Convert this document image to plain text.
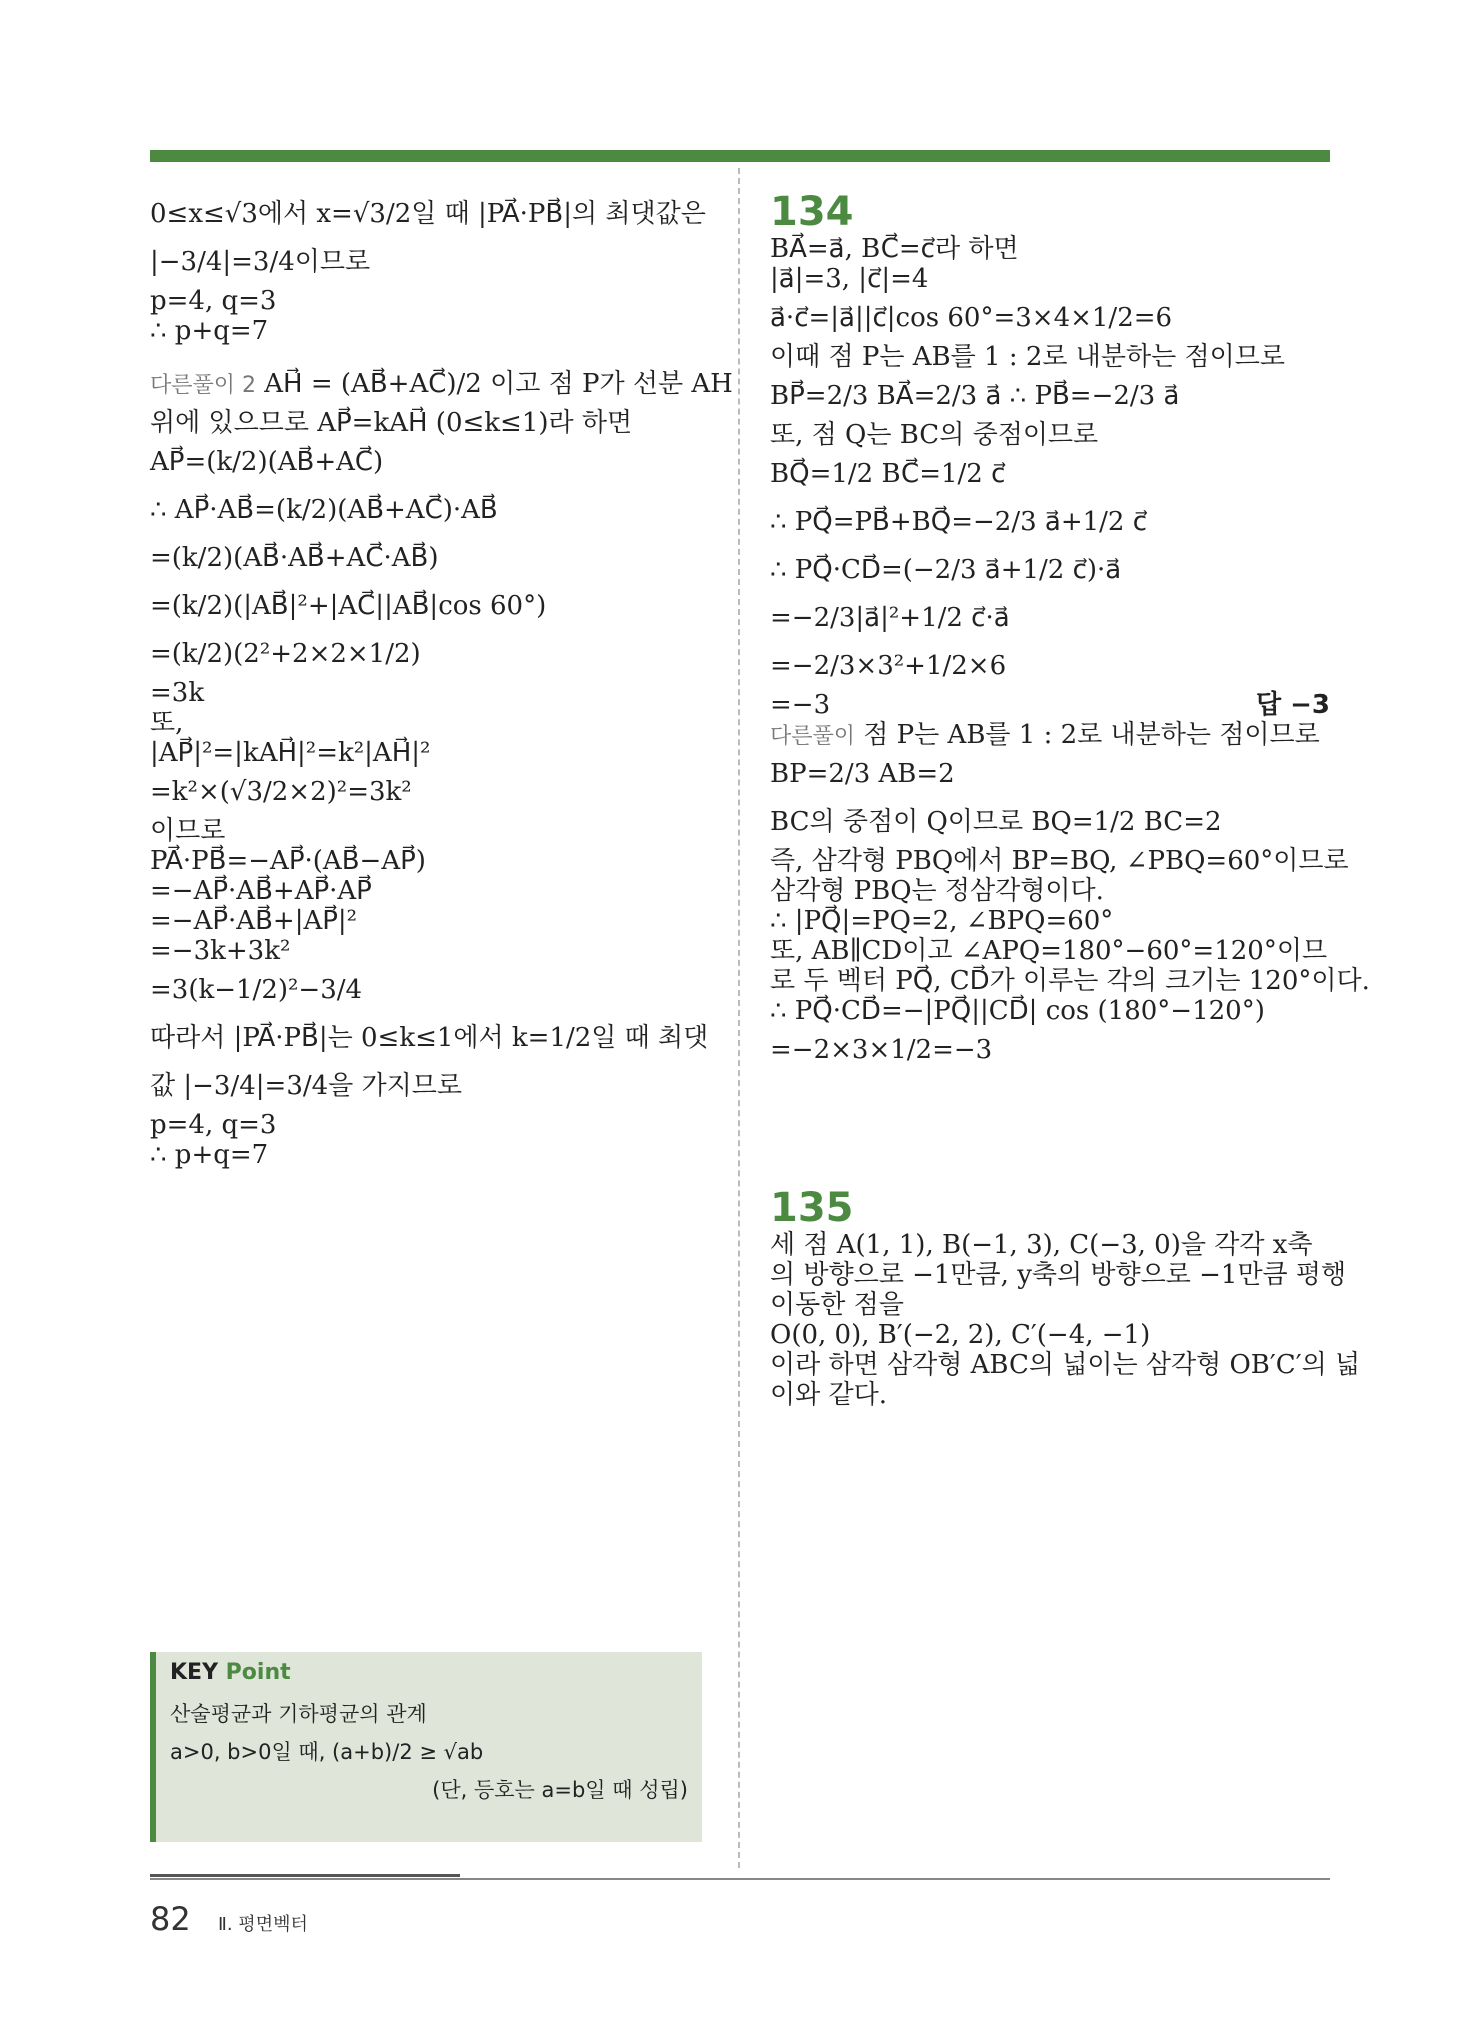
0≤x≤√3에서 x=√3/2일 때 |PA⃗·PB⃗|의 최댓값은
|−3/4|=3/4이므로
p=4, q=3
∴ p+q=7
다른풀이 2 AH⃗ = (AB⃗+AC⃗)/2 이고 점 P가 선분 AH
위에 있으므로 AP⃗=kAH⃗ (0≤k≤1)라 하면
AP⃗=(k/2)(AB⃗+AC⃗)
∴ AP⃗·AB⃗=(k/2)(AB⃗+AC⃗)·AB⃗
=(k/2)(AB⃗·AB⃗+AC⃗·AB⃗)
=(k/2)(|AB⃗|²+|AC⃗||AB⃗|cos 60°)
=(k/2)(2²+2×2×1/2)
=3k
또,
|AP⃗|²=|kAH⃗|²=k²|AH⃗|²
=k²×(√3/2×2)²=3k²
이므로
PA⃗·PB⃗=−AP⃗·(AB⃗−AP⃗)
=−AP⃗·AB⃗+AP⃗·AP⃗
=−AP⃗·AB⃗+|AP⃗|²
=−3k+3k²
=3(k−1/2)²−3/4
따라서 |PA⃗·PB⃗|는 0≤k≤1에서 k=1/2일 때 최댓
값 |−3/4|=3/4을 가지므로
p=4, q=3
∴ p+q=7
134
BA⃗=a⃗, BC⃗=c⃗라 하면
|a⃗|=3, |c⃗|=4
a⃗·c⃗=|a⃗||c⃗|cos 60°=3×4×1/2=6
이때 점 P는 AB를 1 : 2로 내분하는 점이므로
BP⃗=2/3 BA⃗=2/3 a⃗ ∴ PB⃗=−2/3 a⃗
또, 점 Q는 BC의 중점이므로
BQ⃗=1/2 BC⃗=1/2 c⃗
∴ PQ⃗=PB⃗+BQ⃗=−2/3 a⃗+1/2 c⃗
∴ PQ⃗·CD⃗=(−2/3 a⃗+1/2 c⃗)·a⃗
=−2/3|a⃗|²+1/2 c⃗·a⃗
=−2/3×3²+1/2×6
=−3	답 −3
다른풀이 점 P는 AB를 1 : 2로 내분하는 점이므로
BP=2/3 AB=2
BC의 중점이 Q이므로 BQ=1/2 BC=2
즉, 삼각형 PBQ에서 BP=BQ, ∠PBQ=60°이므로
삼각형 PBQ는 정삼각형이다.
∴ |PQ⃗|=PQ=2, ∠BPQ=60°
또, AB∥CD이고 ∠APQ=180°−60°=120°이므
로 두 벡터 PQ⃗, CD⃗가 이루는 각의 크기는 120°이다.
∴ PQ⃗·CD⃗=−|PQ⃗||CD⃗| cos (180°−120°)
=−2×3×1/2=−3
135
세 점 A(1, 1), B(−1, 3), C(−3, 0)을 각각 x축
의 방향으로 −1만큼, y축의 방향으로 −1만큼 평행
이동한 점을
O(0, 0), B′(−2, 2), C′(−4, −1)
이라 하면 삼각형 ABC의 넓이는 삼각형 OB′C′의 넓
이와 같다.
KEY Point
산술평균과 기하평균의 관계
a>0, b>0일 때, (a+b)/2 ≥ √ab
(단, 등호는 a=b일 때 성립)
82 Ⅱ. 평면벡터
